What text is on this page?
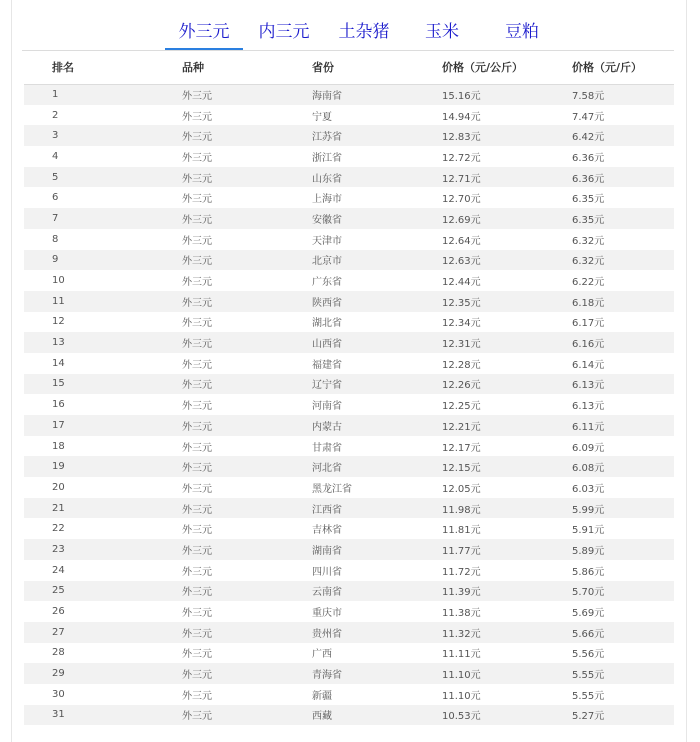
外三元	内三元 土杂猪 玉米	豆粕
	排名	品种	省份	价格（元/公斤）	价格（元/斤）
	1	外三元	海南省	15.16元	7.58元
	2	外三元	宁夏	14.94元	7.47元
	3	外三元	江苏省	12.83元	6.42元
	4	外三元	浙江省	12.72元	6.36元
	5	外三元	山东省	12.71元	6.36元
	6	外三元	上海市	12.70元	6.35元
	7	外三元	安徽省	12.69元	6.35元
	8	外三元	天津市	12.64元	6.32元
	9	外三元	北京市	12.63元	6.32元
	10	外三元	广东省	12.44元	6.22元
	11	外三元	陕西省	12.35元	6.18元
	12	外三元	湖北省	12.34元	6.17元
	13	外三元	山西省	12.31元	6.16元
	14	外三元	福建省	12.28元	6.14元
	15	外三元	辽宁省	12.26元	6.13元
	16	外三元	河南省	12.25元	6.13元
	17	外三元	内蒙古	12.21元	6.11元
	18	外三元	甘肃省	12.17元	6.09元
	19	外三元	河北省	12.15元	6.08元
	20	外三元	黑龙江省	12.05元	6.03元
	21	外三元	江西省	11.98元	5.99元
	22	外三元	吉林省	11.81元	5.91元
	23	外三元	湖南省	11.77元	5.89元
	24	外三元	四川省	11.72元	5.86元
	25	外三元	云南省	11.39元	5.70元
	26	外三元	重庆市	11.38元	5.69元
	27	外三元	贵州省	11.32元	5.66元
	28	外三元	广西	11.11元	5.56元
	29	外三元	青海省	11.10元	5.55元
	30	外三元	新疆	11.10元	5.55元
	31	外三元	西藏	10.53元	5.27元
